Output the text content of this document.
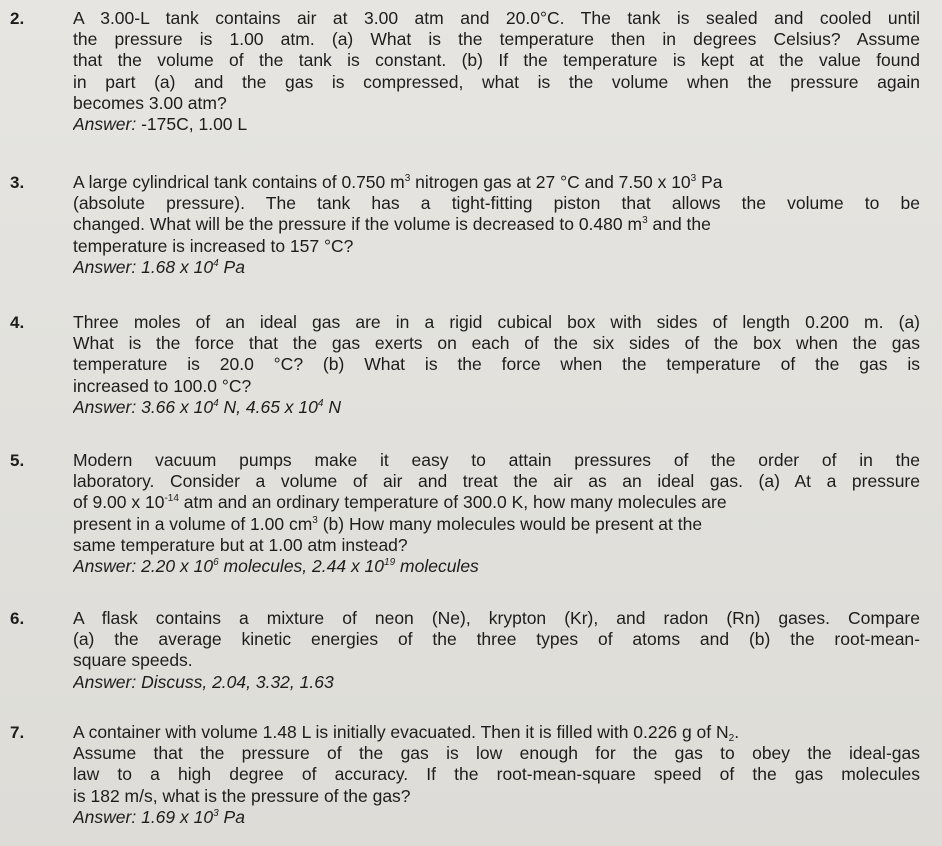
2.	A 3.00-L tank contains air at 3.00 atm and 20.0°C. The tank is sealed and cooled until
the pressure is 1.00 atm. (a) What is the temperature then in degrees Celsius? Assume
that the volume of the tank is constant. (b) If the temperature is kept at the value found
in part (a) and the gas is compressed, what is the volume when the pressure again
becomes 3.00 atm?
Answer: -175C, 1.00 L
3.	A large cylindrical tank contains of 0.750 $m^3$ nitrogen gas at 27 °C and 7.50 x $10^3$ Pa
(absolute pressure). The tank has a tight-fitting piston that allows the volume to be
changed. What will be the pressure if the volume is decreased to 0.480 $m^3$ and the
temperature is increased to 157 °C?
Answer: 1.68 x $10^4$ Pa
4.	Three moles of an ideal gas are in a rigid cubical box with sides of length 0.200 m. (a)
What is the force that the gas exerts on each of the six sides of the box when the gas
temperature is 20.0 °C? (b) What is the force when the temperature of the gas is
increased to 100.0 °C?
Answer: 3.66 x $10^4$ N, 4.65 x $10^4$ N
5.	Modern vacuum pumps make it easy to attain pressures of the order of in the
laboratory. Consider a volume of air and treat the air as an ideal gas. (a) At a pressure
of 9.00 x $10^{-14}$ atm and an ordinary temperature of 300.0 K, how many molecules are
present in a volume of 1.00 $cm^3$ (b) How many molecules would be present at the
same temperature but at 1.00 atm instead?
Answer: 2.20 x $10^6$ molecules, 2.44 x $10^{19}$ molecules
6.	A flask contains a mixture of neon (Ne), krypton (Kr), and radon (Rn) gases. Compare
(a) the average kinetic energies of the three types of atoms and (b) the root-mean-
square speeds.
Answer: Discuss, 2.04, 3.32, 1.63
7.	A container with volume 1.48 L is initially evacuated. Then it is filled with 0.226 g of $N_2$.
Assume that the pressure of the gas is low enough for the gas to obey the ideal-gas
law to a high degree of accuracy. If the root-mean-square speed of the gas molecules
is 182 m/s, what is the pressure of the gas?
Answer: 1.69 x $10^3$ Pa
